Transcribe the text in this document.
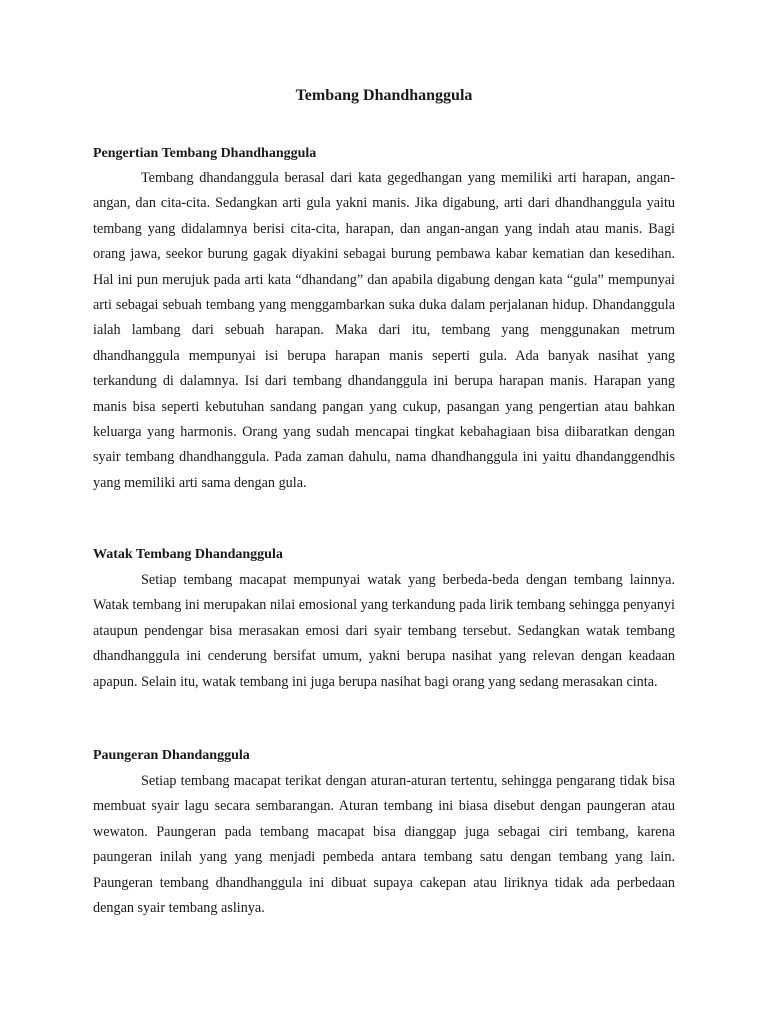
Tembang Dhandhanggula
Pengertian Tembang Dhandhanggula

Tembang dhandanggula berasal dari kata gegedhangan yang memiliki arti harapan, angan-angan, dan cita-cita. Sedangkan arti gula yakni manis. Jika digabung, arti dari dhandhanggula yaitu tembang yang didalamnya berisi cita-cita, harapan, dan angan-angan yang indah atau manis. Bagi orang jawa, seekor burung gagak diyakini sebagai burung pembawa kabar kematian dan kesedihan. Hal ini pun merujuk pada arti kata “dhandang” dan apabila digabung dengan kata “gula” mempunyai arti sebagai sebuah tembang yang menggambarkan suka duka dalam perjalanan hidup. Dhandanggula ialah lambang dari sebuah harapan. Maka dari itu, tembang yang menggunakan metrum dhandhanggula mempunyai isi berupa harapan manis seperti gula. Ada banyak nasihat yang terkandung di dalamnya. Isi dari tembang dhandanggula ini berupa harapan manis. Harapan yang manis bisa seperti kebutuhan sandang pangan yang cukup, pasangan yang pengertian atau bahkan keluarga yang harmonis. Orang yang sudah mencapai tingkat kebahagiaan bisa diibaratkan dengan syair tembang dhandhanggula. Pada zaman dahulu, nama dhandhanggula ini yaitu dhandanggendhis yang memiliki arti sama dengan gula.

Watak Tembang Dhandanggula

Setiap tembang macapat mempunyai watak yang berbeda-beda dengan tembang lainnya. Watak tembang ini merupakan nilai emosional yang terkandung pada lirik tembang sehingga penyanyi ataupun pendengar bisa merasakan emosi dari syair tembang tersebut. Sedangkan watak tembang dhandhanggula ini cenderung bersifat umum, yakni berupa nasihat yang relevan dengan keadaan apapun. Selain itu, watak tembang ini juga berupa nasihat bagi orang yang sedang merasakan cinta.

Paungeran Dhandanggula

Setiap tembang macapat terikat dengan aturan-aturan tertentu, sehingga pengarang tidak bisa membuat syair lagu secara sembarangan. Aturan tembang ini biasa disebut dengan paungeran atau wewaton. Paungeran pada tembang macapat bisa dianggap juga sebagai ciri tembang, karena paungeran inilah yang yang menjadi pembeda antara tembang satu dengan tembang yang lain. Paungeran tembang dhandhanggula ini dibuat supaya cakepan atau liriknya tidak ada perbedaan dengan syair tembang aslinya.
